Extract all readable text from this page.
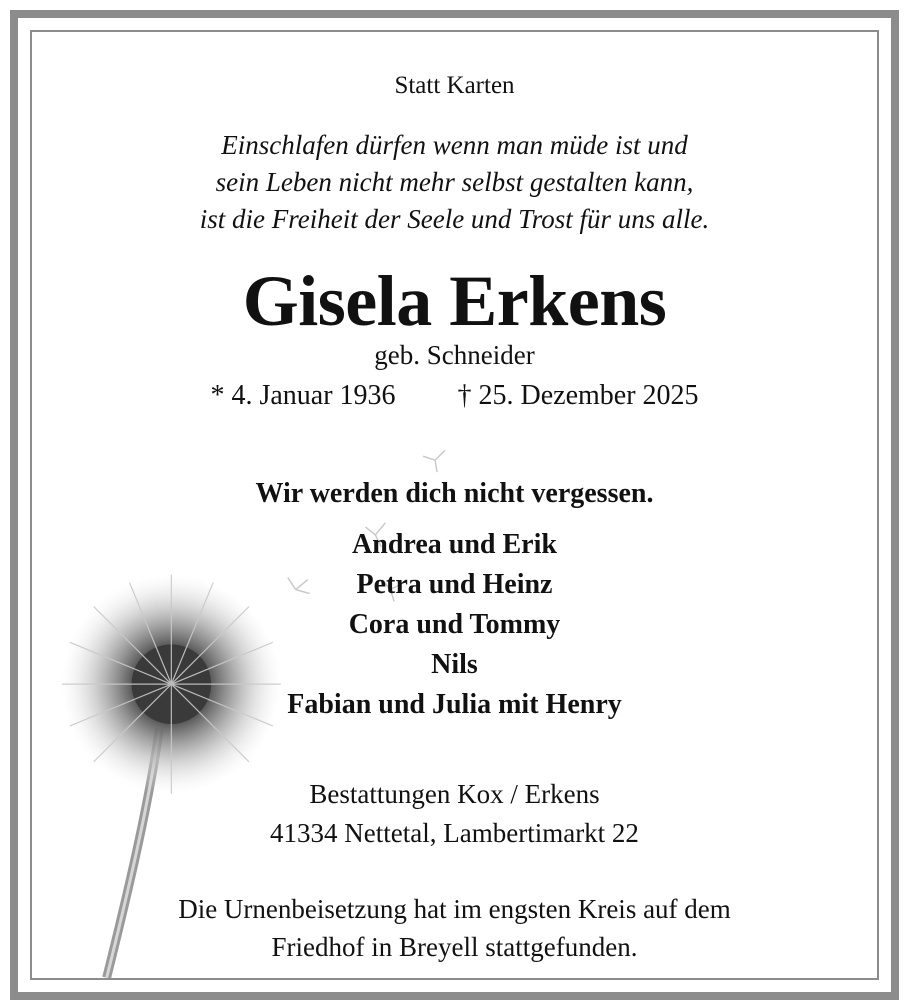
Statt Karten
Einschlafen dürfen wenn man müde ist und
sein Leben nicht mehr selbst gestalten kann,
ist die Freiheit der Seele und Trost für uns alle.
Gisela Erkens
geb. Schneider
* 4. Januar 1936 † 25. Dezember 2025
Wir werden dich nicht vergessen.
Andrea und Erik
Petra und Heinz
Cora und Tommy
Nils
Fabian und Julia mit Henry
Bestattungen Kox / Erkens
41334 Nettetal, Lambertimarkt 22
Die Urnenbeisetzung hat im engsten Kreis auf dem
Friedhof in Breyell stattgefunden.
